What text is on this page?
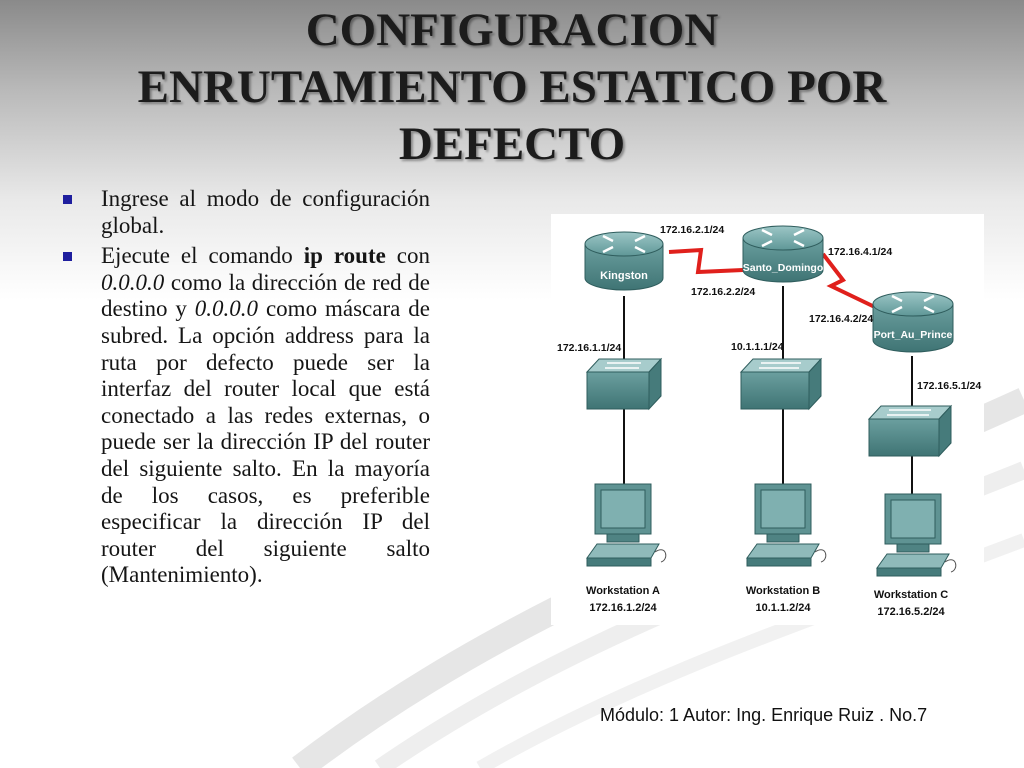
CONFIGURACION
ENRUTAMIENTO ESTATICO POR
DEFECTO
Ingrese al modo de configuración global.
Ejecute el comando ip route con 0.0.0.0 como la dirección de red de destino y 0.0.0.0 como máscara de subred. La opción address para la ruta por defecto puede ser la interfaz del router local que está conectado a las redes externas, o puede ser la dirección IP del router del siguiente salto. En la mayoría de los casos, es preferible especificar la dirección IP del router del siguiente salto (Mantenimiento).
Kingston
Santo_Domingo
Port_Au_Prince
172.16.2.1/24
172.16.2.2/24
172.16.4.1/24
172.16.4.2/24
172.16.1.1/24	10.1.1.1/24
172.16.5.1/24
Workstation A
172.16.1.2/24
Workstation B
10.1.1.2/24
Workstation C
172.16.5.2/24
Módulo: 1 Autor: Ing. Enrique Ruiz . No.7
